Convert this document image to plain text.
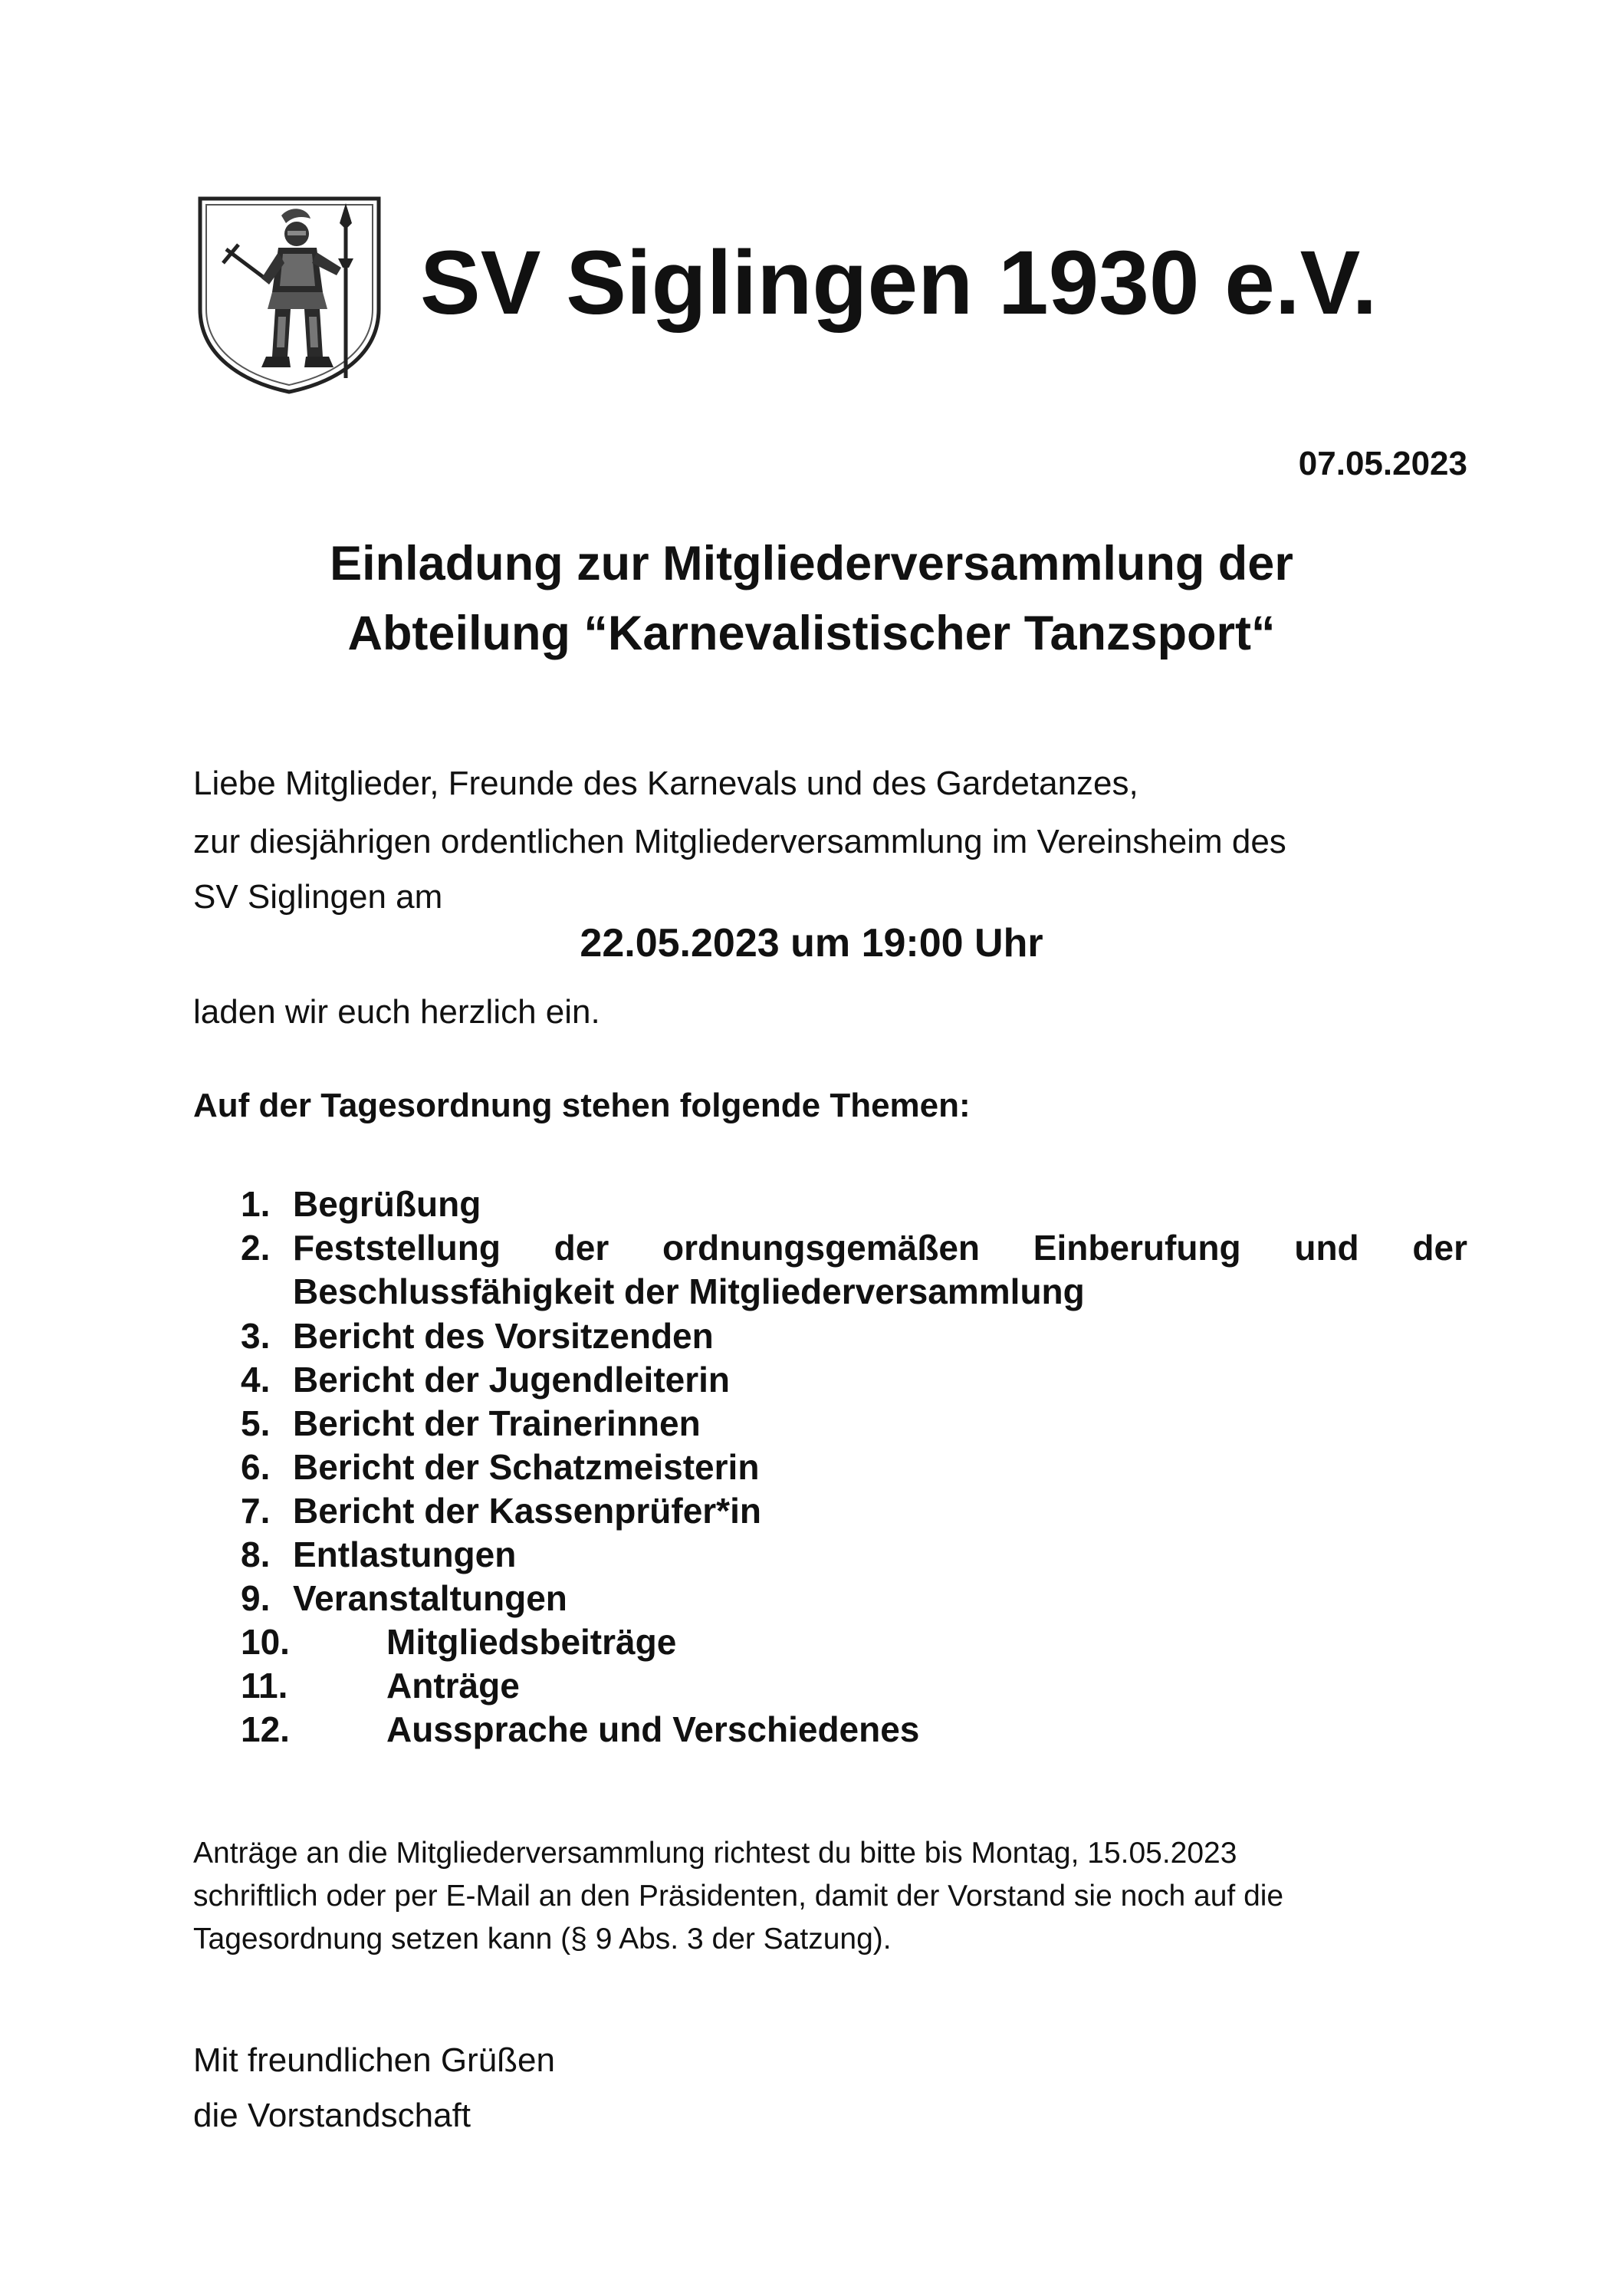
SV Siglingen 1930 e.V.
07.05.2023
Einladung zur Mitgliederversammlung der
Abteilung “Karnevalistischer Tanzsport“
Liebe Mitglieder, Freunde des Karnevals und des Gardetanzes,
zur diesjährigen ordentlichen Mitgliederversammlung im Vereinsheim des
SV Siglingen am
22.05.2023 um 19:00 Uhr
laden wir euch herzlich ein.
Auf der Tagesordnung stehen folgende Themen:
1. Begrüßung
2. Feststellung der ordnungsgemäßen Einberufung und der
Beschlussfähigkeit der Mitgliederversammlung
3. Bericht des Vorsitzenden
4. Bericht der Jugendleiterin
5. Bericht der Trainerinnen
6. Bericht der Schatzmeisterin
7. Bericht der Kassenprüfer*in
8. Entlastungen
9. Veranstaltungen
10.	Mitgliedsbeiträge
11.	Anträge
12.	Aussprache und Verschiedenes
Anträge an die Mitgliederversammlung richtest du bitte bis Montag, 15.05.2023
schriftlich oder per E-Mail an den Präsidenten, damit der Vorstand sie noch auf die
Tagesordnung setzen kann (§ 9 Abs. 3 der Satzung).
Mit freundlichen Grüßen
die Vorstandschaft
